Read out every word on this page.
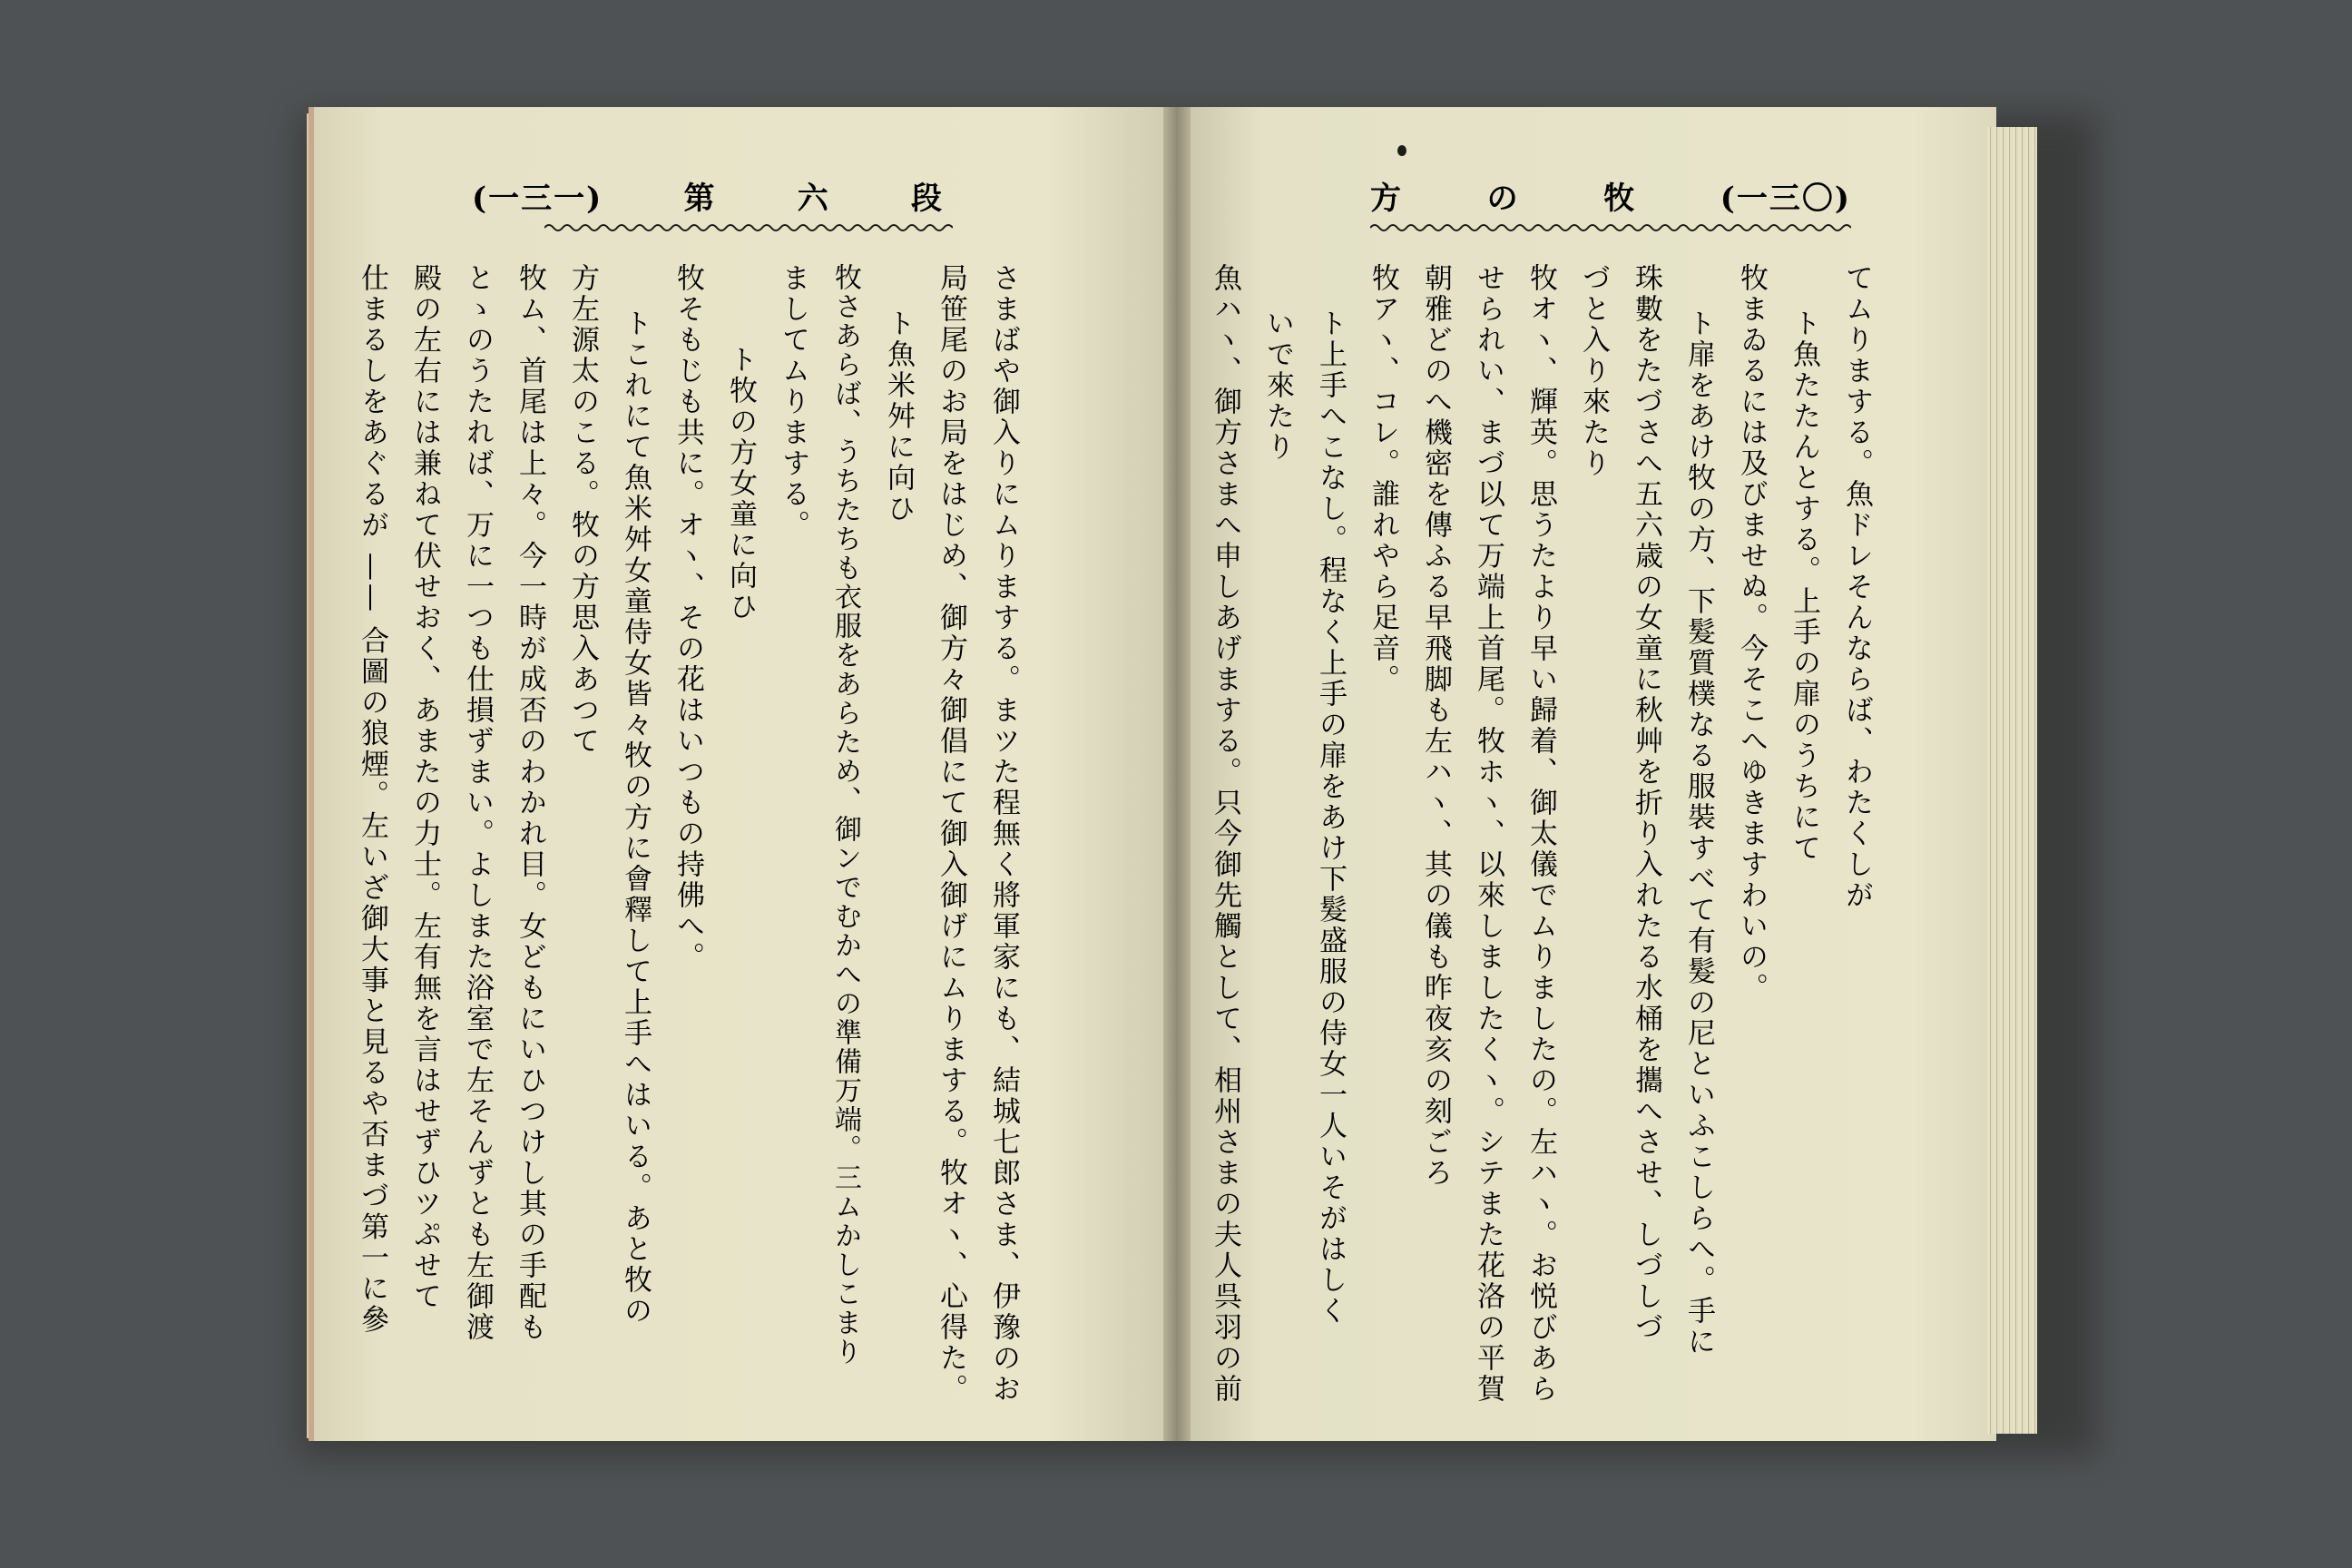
(一三一)	第	六	段	方	の	牧	(一三〇)
さまばや御入りにムりまする。まツた程無く將軍家にも、結城七郎さま、伊豫のお
局笹尾のお局をはじめ、御方々御倡にて御入御げにムりまする。牧オヽ、心得た。
ト魚米舛に向ひ
牧さあらば、うちたちも衣服をあらため、御ンでむかへの準備万端。三ムかしこまり
ましてムりまする。
ト牧の方女童に向ひ
牧そもじも共に。オヽ、その花はいつもの持佛へ。
トこれにて魚米舛女童侍女皆々牧の方に會釋して上手へはいる。あと牧の
方左源太のこる。牧の方思入あつて
牧ム、首尾は上々。今一時が成否のわかれ目。女どもにいひつけし其の手配も
とゝのうたれば、万に一つも仕損ずまい。よしまた浴室で左そんずとも左御渡
殿の左右には兼ねて伏せおく、あまたの力士。左有無を言はせずひツぷせて
仕まるしをあぐるが —— 合圖の狼煙。左いざ御大事と見るや否まづ第一に參	てムりまする。魚ドレそんならば、わたくしが
ト魚たたんとする。上手の扉のうちにて
牧まゐるには及びませぬ。今そこへゆきますわいの。
ト扉をあけ牧の方、下髮質樸なる服裝すべて有髮の尼といふこしらへ。手に
珠數をたづさへ五六歳の女童に秋艸を折り入れたる水桶を攜へさせ、しづしづ
づと入り來たり
牧オヽ、輝英。思うたより早い歸着、御太儀でムりましたの。左ハヽ。お悦びあら
せられい、まづ以て万端上首尾。牧ホヽ、以來しましたくヽ。シテまた花洛の平賀
朝雅どのへ機密を傳ふる早飛脚も左ハヽ、其の儀も昨夜亥の刻ごろ
牧アヽ、コレ。誰れやら足音。
ト上手へこなし。程なく上手の扉をあけ下髮盛服の侍女一人いそがはしく
いで來たり
魚ハヽ、御方さまへ申しあげまする。只今御先觸として、相州さまの夫人呉羽の前
